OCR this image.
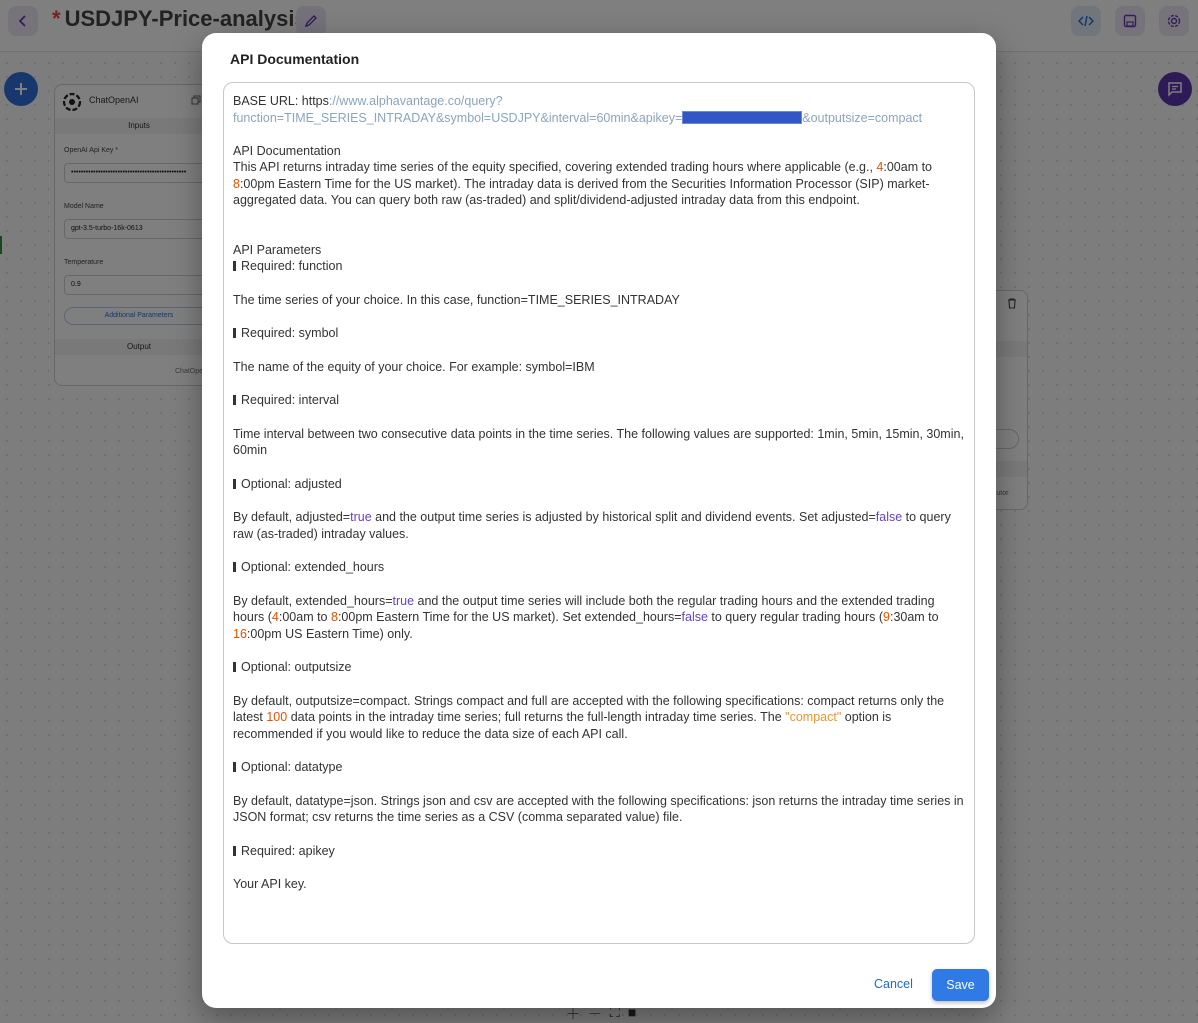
API Documentation

BASE URL: https://www.alphavantage.co/query?

function=TIME_SERIES_INTRADAY&symbol=USDJPY&interval=60min&apikey=	&outputsize=compact

API Documentation

This API returns intraday time series of the equity specified, covering extended trading hours where applicable (e.g., 4:00am to 8:00pm Eastern Time for the US market). The intraday data is derived from the Securities Information Processor (SIP) market-aggregated data. You can query both raw (as-traded) and split/dividend-adjusted intraday data from this endpoint.

API Parameters

Required: function

The time series of your choice. In this case, function=TIME_SERIES_INTRADAY

Required: symbol

The name of the equity of your choice. For example: symbol=IBM

Required: interval

Time interval between two consecutive data points in the time series. The following values are supported: 1min, 5min, 15min, 30min, 60min

Optional: adjusted

By default, adjusted=true and the output time series is adjusted by historical split and dividend events. Set adjusted=false to query raw (as-traded) intraday values.

Optional: extended_hours

By default, extended_hours=true and the output time series will include both the regular trading hours and the extended trading hours (4:00am to 8:00pm Eastern Time for the US market). Set extended_hours=false to query regular trading hours (9:30am to 16:00pm US Eastern Time) only.

Optional: outputsize

By default, outputsize=compact. Strings compact and full are accepted with the following specifications: compact returns only the latest 100 data points in the intraday time series; full returns the full-length intraday time series. The "compact" option is recommended if you would like to reduce the data size of each API call.

Optional: datatype

By default, datatype=json. Strings json and csv are accepted with the following specifications: json returns the intraday time series in JSON format; csv returns the time series as a CSV (comma separated value) file.

Required: apikey

Your API key.

Cancel	Save
